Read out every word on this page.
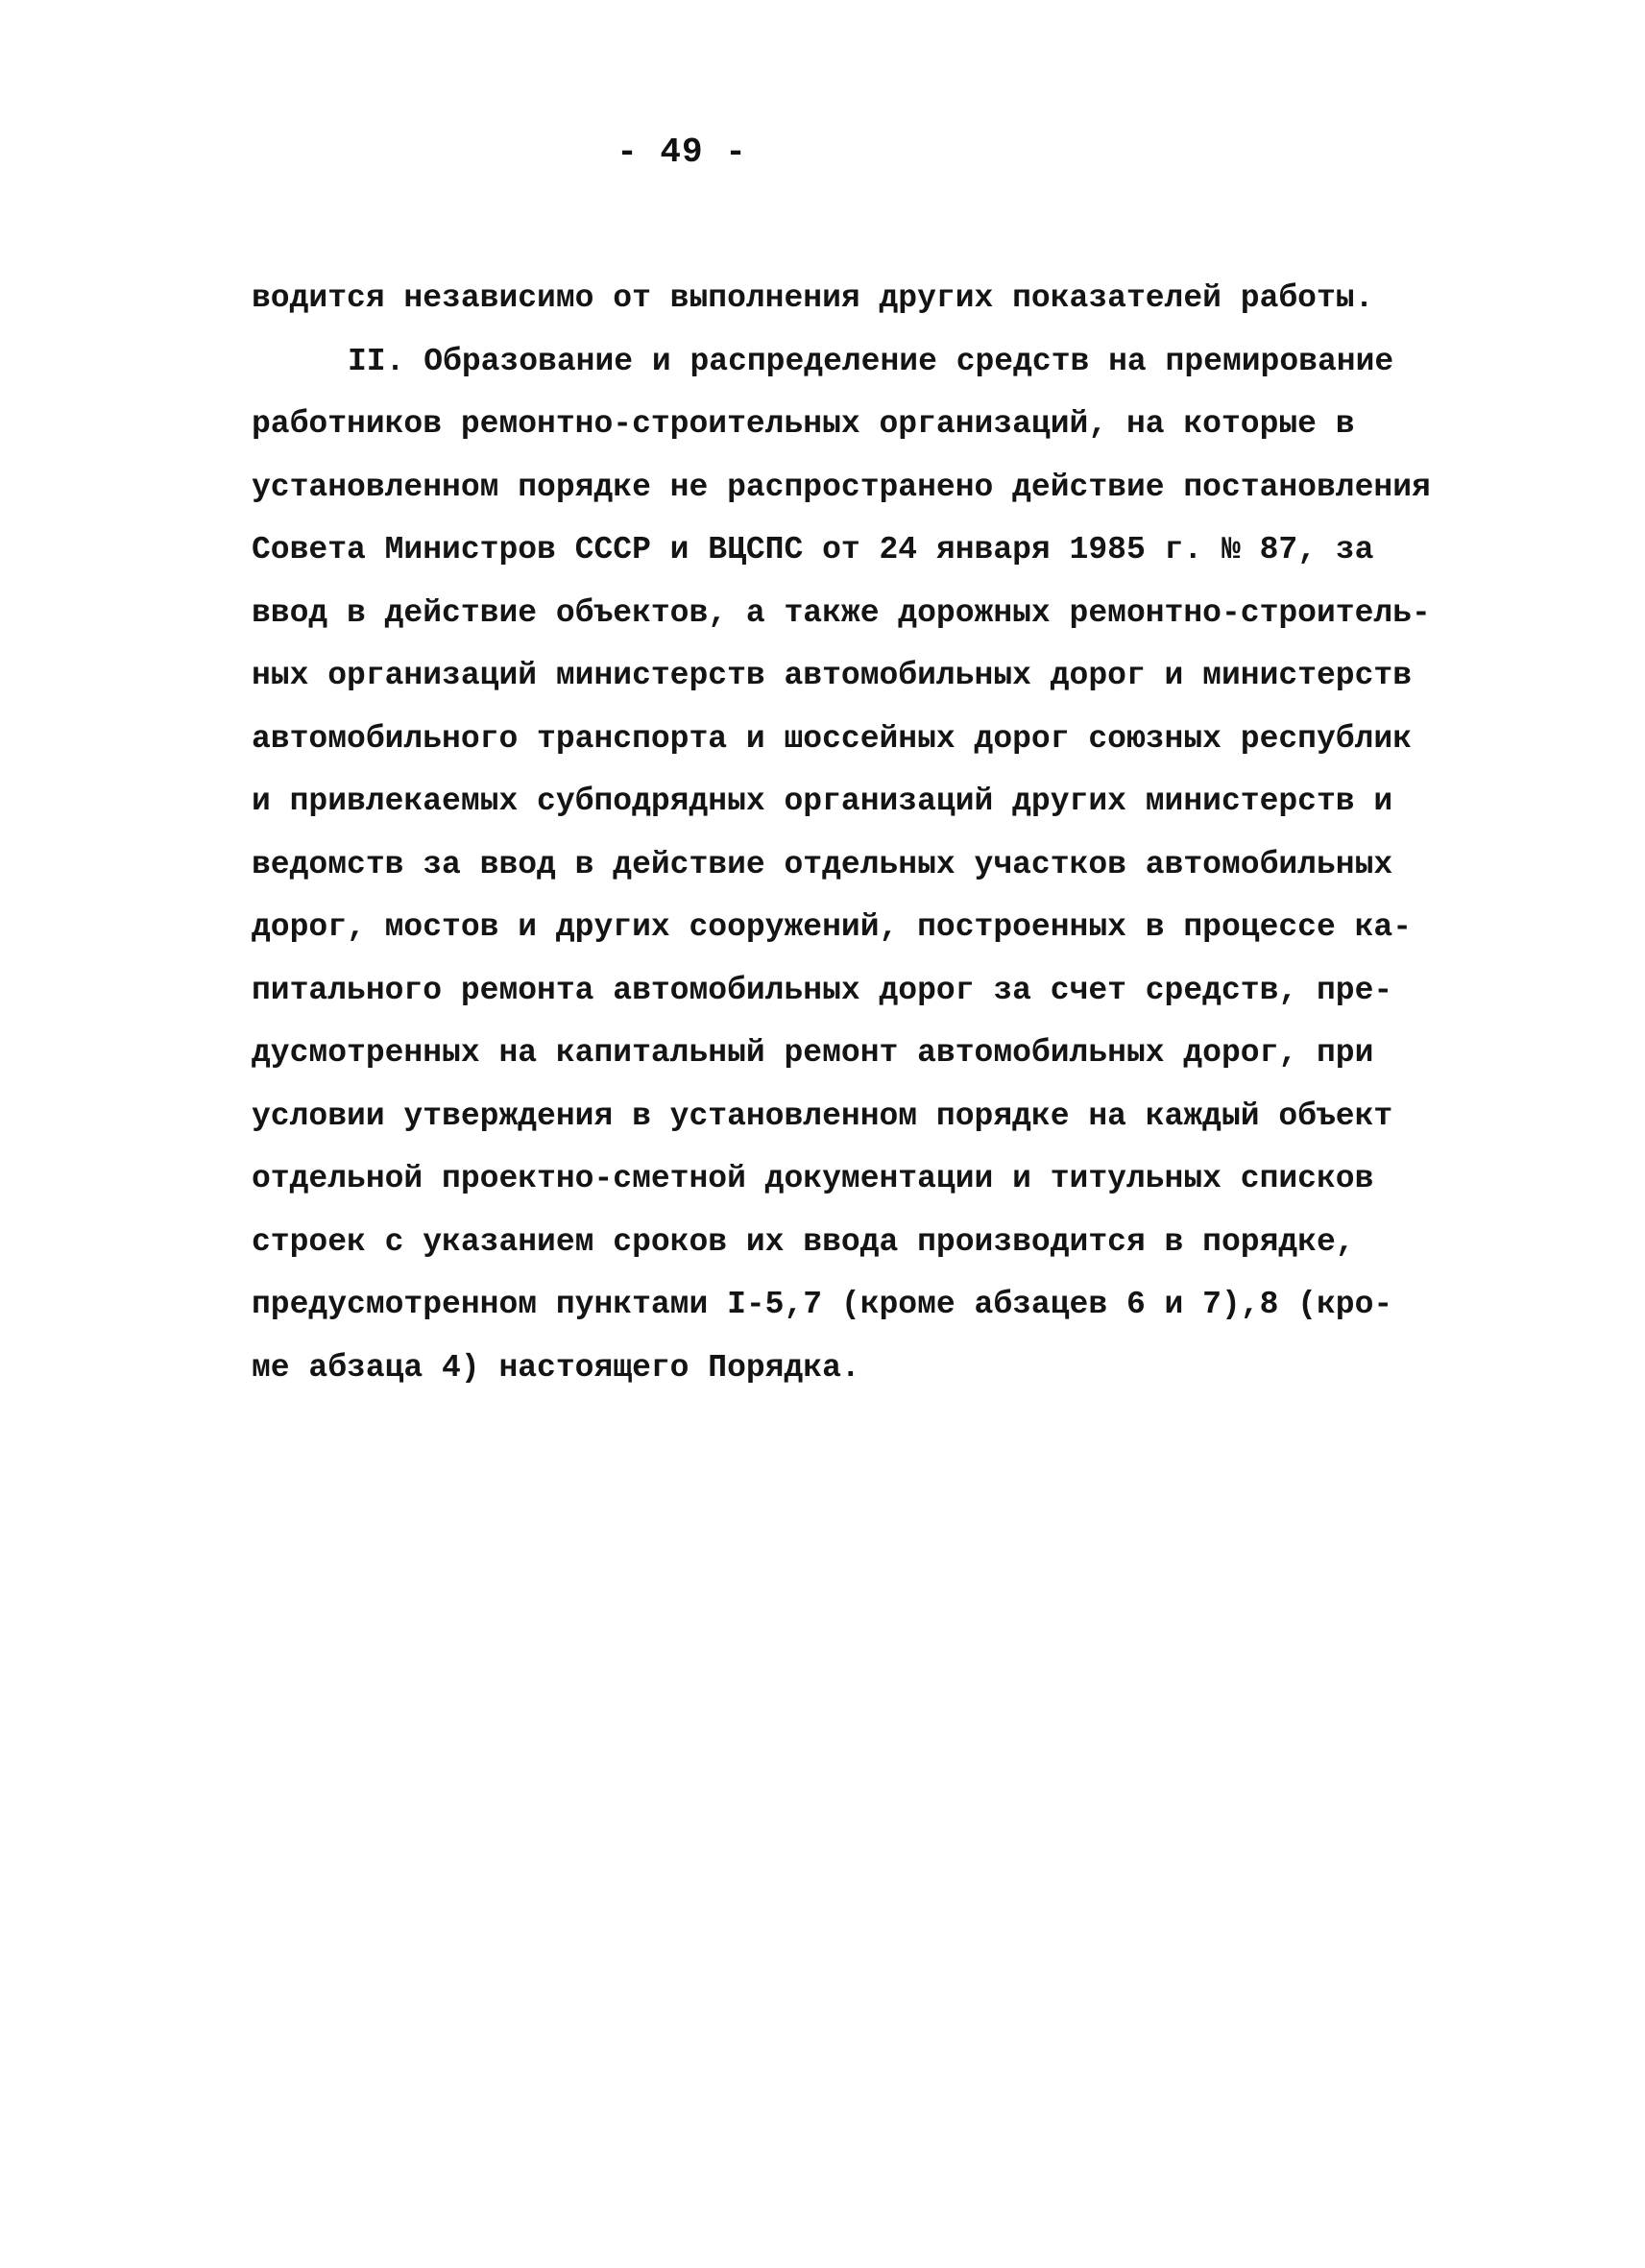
- 49 -
водится независимо от выполнения других показателей работы.
II. Образование и распределение средств на премирование
работников ремонтно-строительных организаций, на которые в
установленном порядке не распространено действие постановления
Совета Министров СССР и ВЦСПС от 24 января 1985 г. № 87, за
ввод в действие объектов, а также дорожных ремонтно-строитель-
ных организаций министерств автомобильных дорог и министерств
автомобильного транспорта и шоссейных дорог союзных республик
и привлекаемых субподрядных организаций других министерств и
ведомств за ввод в действие отдельных участков автомобильных
дорог, мостов и других сооружений, построенных в процессе ка-
питального ремонта автомобильных дорог за счет средств, пре-
дусмотренных на капитальный ремонт автомобильных дорог, при
условии утверждения в установленном порядке на каждый объект
отдельной проектно-сметной документации и титульных списков
строек с указанием сроков их ввода производится в порядке,
предусмотренном пунктами I-5,7 (кроме абзацев 6 и 7),8 (кро-
ме абзаца 4) настоящего Порядка.
